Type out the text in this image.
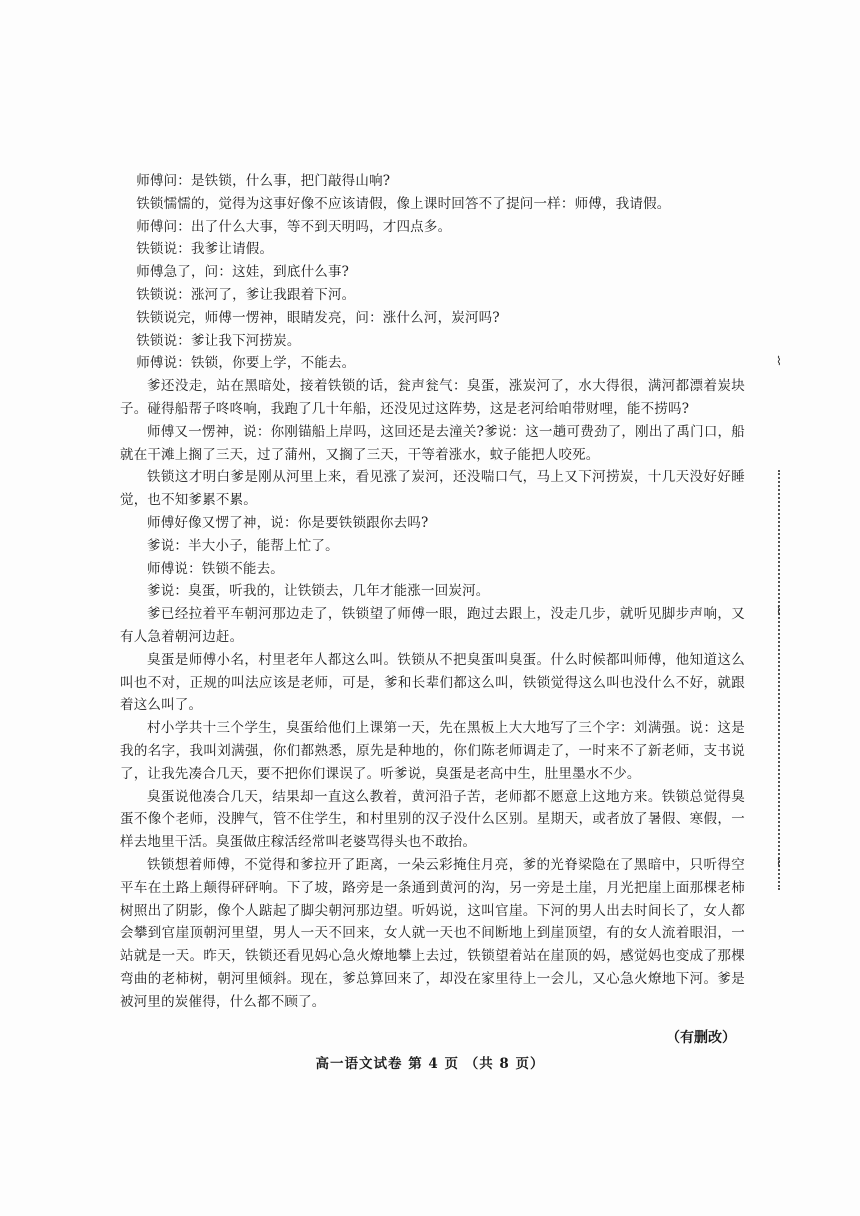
师傅问：是铁锁，什么事，把门敲得山响?

铁锁懦懦的，觉得为这事好像不应该请假，像上课时回答不了提问一样：师傅，我请假。

师傅问：出了什么大事，等不到天明吗，才四点多。

铁锁说：我爹让请假。

师傅急了，问：这娃，到底什么事?

铁锁说：涨河了，爹让我跟着下河。

铁锁说完，师傅一愣神，眼睛发亮，问：涨什么河，炭河吗?

铁锁说：爹让我下河捞炭。

师傅说：铁锁，你要上学，不能去。

爹还没走，站在黑暗处，接着铁锁的话，瓮声瓮气：臭蛋，涨炭河了，水大得很，满河都漂着炭块子。碰得船帮子咚咚响，我跑了几十年船，还没见过这阵势，这是老河给咱带财哩，能不捞吗?

师傅又一愣神，说：你刚锚船上岸吗，这回还是去潼关?爹说：这一趟可费劲了，刚出了禹门口，船就在干滩上搁了三天，过了蒲州，又搁了三天，干等着涨水，蚊子能把人咬死。

铁锁这才明白爹是刚从河里上来，看见涨了炭河，还没喘口气，马上又下河捞炭，十几天没好好睡觉，也不知爹累不累。

师傅好像又愣了神，说：你是要铁锁跟你去吗?

爹说：半大小子，能帮上忙了。

师傅说：铁锁不能去。

爹说：臭蛋，听我的，让铁锁去，几年才能涨一回炭河。

爹已经拉着平车朝河那边走了，铁锁望了师傅一眼，跑过去跟上，没走几步，就听见脚步声响，又有人急着朝河边赶。

臭蛋是师傅小名，村里老年人都这么叫。铁锁从不把臭蛋叫臭蛋。什么时候都叫师傅，他知道这么叫也不对，正规的叫法应该是老师，可是，爹和长辈们都这么叫，铁锁觉得这么叫也没什么不好，就跟着这么叫了。

村小学共十三个学生，臭蛋给他们上课第一天，先在黑板上大大地写了三个字：刘满强。说：这是我的名字，我叫刘满强，你们都熟悉，原先是种地的，你们陈老师调走了，一时来不了新老师，支书说了，让我先凑合几天，要不把你们课误了。听爹说，臭蛋是老高中生，肚里墨水不少。

臭蛋说他凑合几天，结果却一直这么教着，黄河沿子苦，老师都不愿意上这地方来。铁锁总觉得臭蛋不像个老师，没脾气，管不住学生，和村里别的汉子没什么区别。星期天，或者放了暑假、寒假，一样去地里干活。臭蛋做庄稼活经常叫老婆骂得头也不敢抬。

铁锁想着师傅，不觉得和爹拉开了距离，一朵云彩掩住月亮，爹的光脊梁隐在了黑暗中，只听得空平车在土路上颠得砰砰响。下了坡，路旁是一条通到黄河的沟，另一旁是土崖，月光把崖上面那棵老柿树照出了阴影，像个人踮起了脚尖朝河那边望。听妈说，这叫官崖。下河的男人出去时间长了，女人都会攀到官崖顶朝河里望，男人一天不回来，女人就一天也不间断地上到崖顶望，有的女人流着眼泪，一站就是一天。昨天，铁锁还看见妈心急火燎地攀上去过，铁锁望着站在崖顶的妈，感觉妈也变成了那棵弯曲的老柿树，朝河里倾斜。现在，爹总算回来了，却没在家里待上一会儿，又心急火燎地下河。爹是被河里的炭催得，什么都不顾了。

（有删改）
高一语文试卷 第 4 页 （共 8 页）
⌇
⌇
⌇
